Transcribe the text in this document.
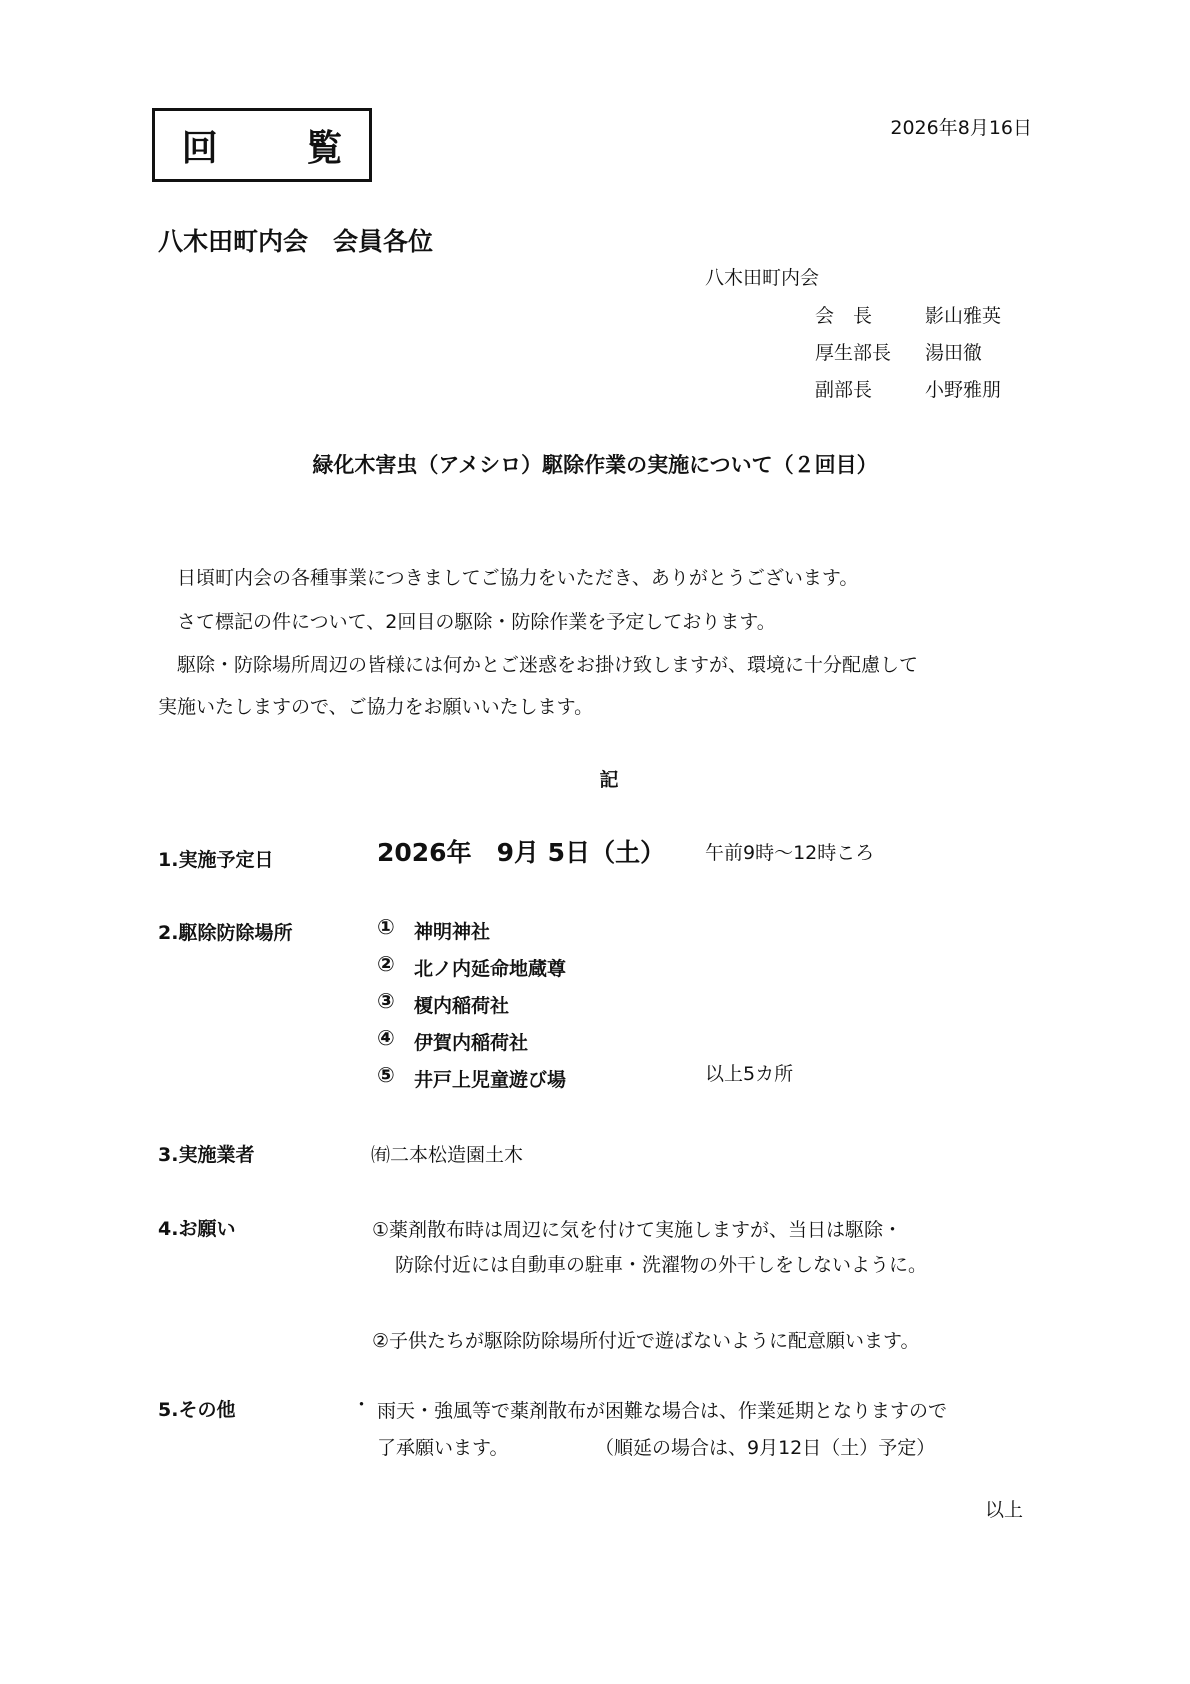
回 覧	2026年8月16日
八木田町内会　会員各位
八木田町内会
会　長	影山雅英
厚生部長 湯田徹
副部長	小野雅朋
緑化木害虫（アメシロ）駆除作業の実施について（２回目）
　日頃町内会の各種事業につきましてご協力をいただき、ありがとうございます。
　さて標記の件について、2回目の駆除・防除作業を予定しております。
　駆除・防除場所周辺の皆様には何かとご迷惑をお掛け致しますが、環境に十分配慮して
実施いたしますので、ご協力をお願いいたします。
記
1.実施予定日	2026年　9月 5日（土） 午前9時～12時ころ
2.駆除防除場所	① 神明神社
② 北ノ内延命地蔵尊
③ 榎内稲荷社
④ 伊賀内稲荷社
⑤ 井戸上児童遊び場	以上5カ所
3.実施業者	㈲二本松造園土木
4.お願い	①薬剤散布時は周辺に気を付けて実施しますが、当日は駆除・
防除付近には自動車の駐車・洗濯物の外干しをしないように。
②子供たちが駆除防除場所付近で遊ばないように配意願います。
5.その他	・ 雨天・強風等で薬剤散布が困難な場合は、作業延期となりますので
了承願います。	（順延の場合は、9月12日（土）予定）
以上
